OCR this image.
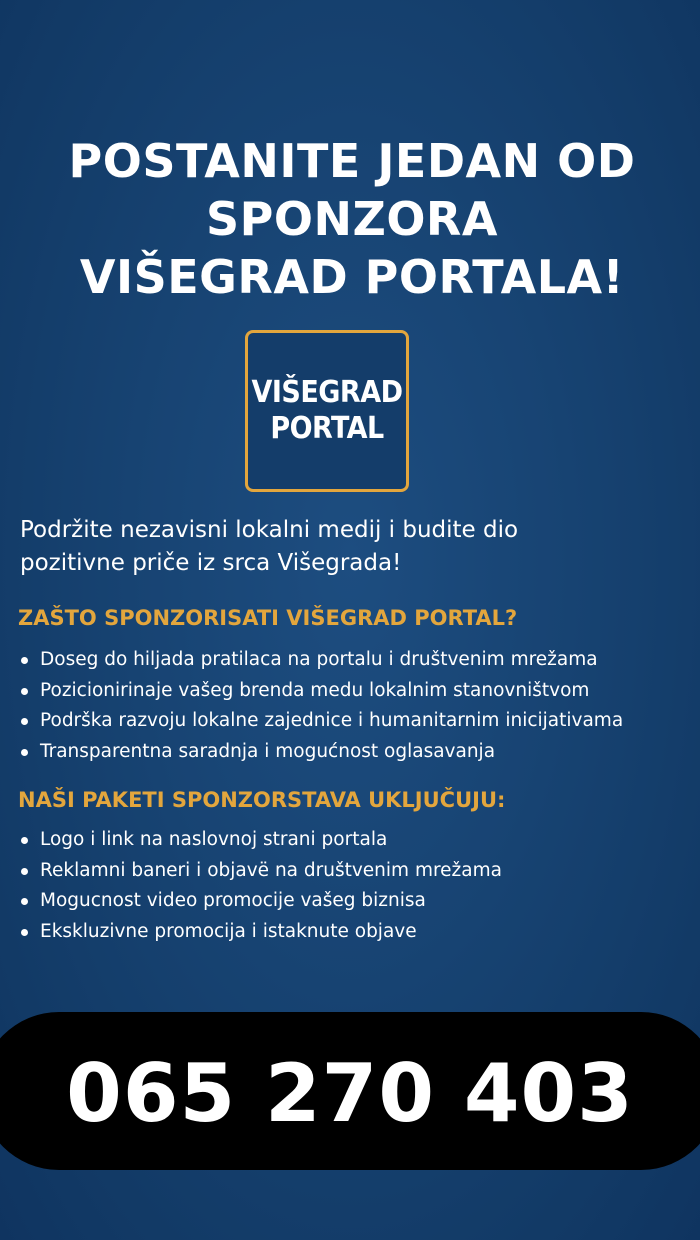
POSTANITE JEDAN OD
SPONZORA
VIŠEGRAD PORTALA!
VIŠEGRAD
PORTAL

Podržite nezavisni lokalni medij i budite dio
pozitivne priče iz srca Višegrada!

ZAŠTO SPONZORISATI VIŠEGRAD PORTAL?
Doseg do hiljada pratilaca na portalu i društvenim mrežama
Pozicionirinaje vašeg brenda medu lokalnim stanovništvom
Podrška razvoju lokalne zajednice i humanitarnim inicijativama
Transparentna saradnja i mogućnost oglasavanja
NAŠI PAKETI SPONZORSTAVA UKLJUČUJU:
Logo i link na naslovnoj strani portala
Reklamni baneri i objavë na društvenim mrežama
Mogucnost video promocije vašeg biznisa
Ekskluzivne promocija i istaknute objave
065 270 403
